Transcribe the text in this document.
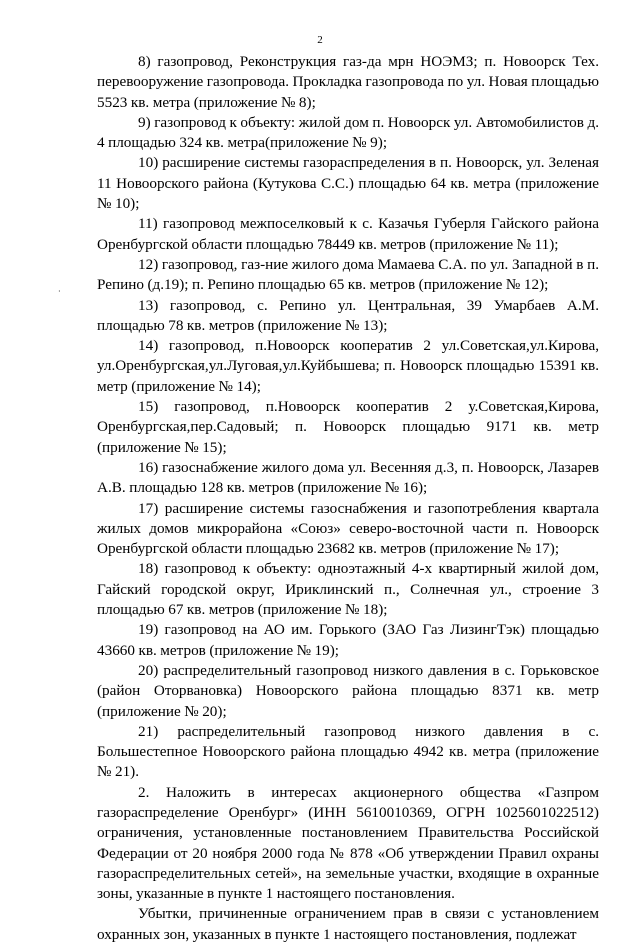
2
·

8) газопровод, Реконструкция газ-да мрн НОЭМЗ; п. Новоорск Тех. перевооружение газопровода. Прокладка газопровода по ул. Новая площадью 5523 кв. метра (приложение № 8);

9) газопровод к объекту: жилой дом п. Новоорск ул. Автомобилистов д. 4 площадью 324 кв. метра(приложение № 9);

10) расширение системы газораспределения в п. Новоорск, ул. Зеленая 11 Новоорского района (Кутукова С.С.) площадью 64 кв. метра (приложение № 10);

11) газопровод межпоселковый к с. Казачья Губерля Гайского района Оренбургской области площадью 78449 кв. метров (приложение № 11);

12) газопровод, газ-ние жилого дома Мамаева С.А. по ул. Западной в п. Репино (д.19); п. Репино площадью 65 кв. метров (приложение № 12);

13) газопровод, с. Репино ул. Центральная, 39 Умарбаев А.М. площадью 78 кв. метров (приложение № 13);

14) газопровод, п.Новоорск кооператив 2 ул.Советская,ул.Кирова, ул.Оренбургская,ул.Луговая,ул.Куйбышева; п. Новоорск площадью 15391 кв. метр (приложение № 14);

15) газопровод, п.Новоорск кооператив 2 у.Советская,Кирова, Оренбургская,пер.Садовый; п. Новоорск площадью 9171 кв. метр (приложение № 15);

16) газоснабжение жилого дома ул. Весенняя д.3, п. Новоорск, Лазарев А.В. площадью 128 кв. метров (приложение № 16);

17) расширение системы газоснабжения и газопотребления квартала жилых домов микрорайона «Союз» северо-восточной части п. Новоорск Оренбургской области площадью 23682 кв. метров (приложение № 17);

18) газопровод к объекту: одноэтажный 4-х квартирный жилой дом, Гайский городской округ, Ириклинский п., Солнечная ул., строение 3 площадью 67 кв. метров (приложение № 18);

19) газопровод на АО им. Горького (ЗАО Газ ЛизингТэк) площадью 43660 кв. метров (приложение № 19);

20) распределительный газопровод низкого давления в с. Горьковское (район Оторвановка) Новоорского района площадью 8371 кв. метр (приложение № 20);

21) распределительный газопровод низкого давления в с. Большестепное Новоорского района площадью 4942 кв. метра (приложение № 21).

2. Наложить в интересах акционерного общества «Газпром газораспределение Оренбург» (ИНН 5610010369, ОГРН 1025601022512) ограничения, установленные постановлением Правительства Российской Федерации от 20 ноября 2000 года № 878 «Об утверждении Правил охраны газораспределительных сетей», на земельные участки, входящие в охранные зоны, указанные в пункте 1 настоящего постановления.

Убытки, причиненные ограничением прав в связи с установлением охранных зон, указанных в пункте 1 настоящего постановления, подлежат
